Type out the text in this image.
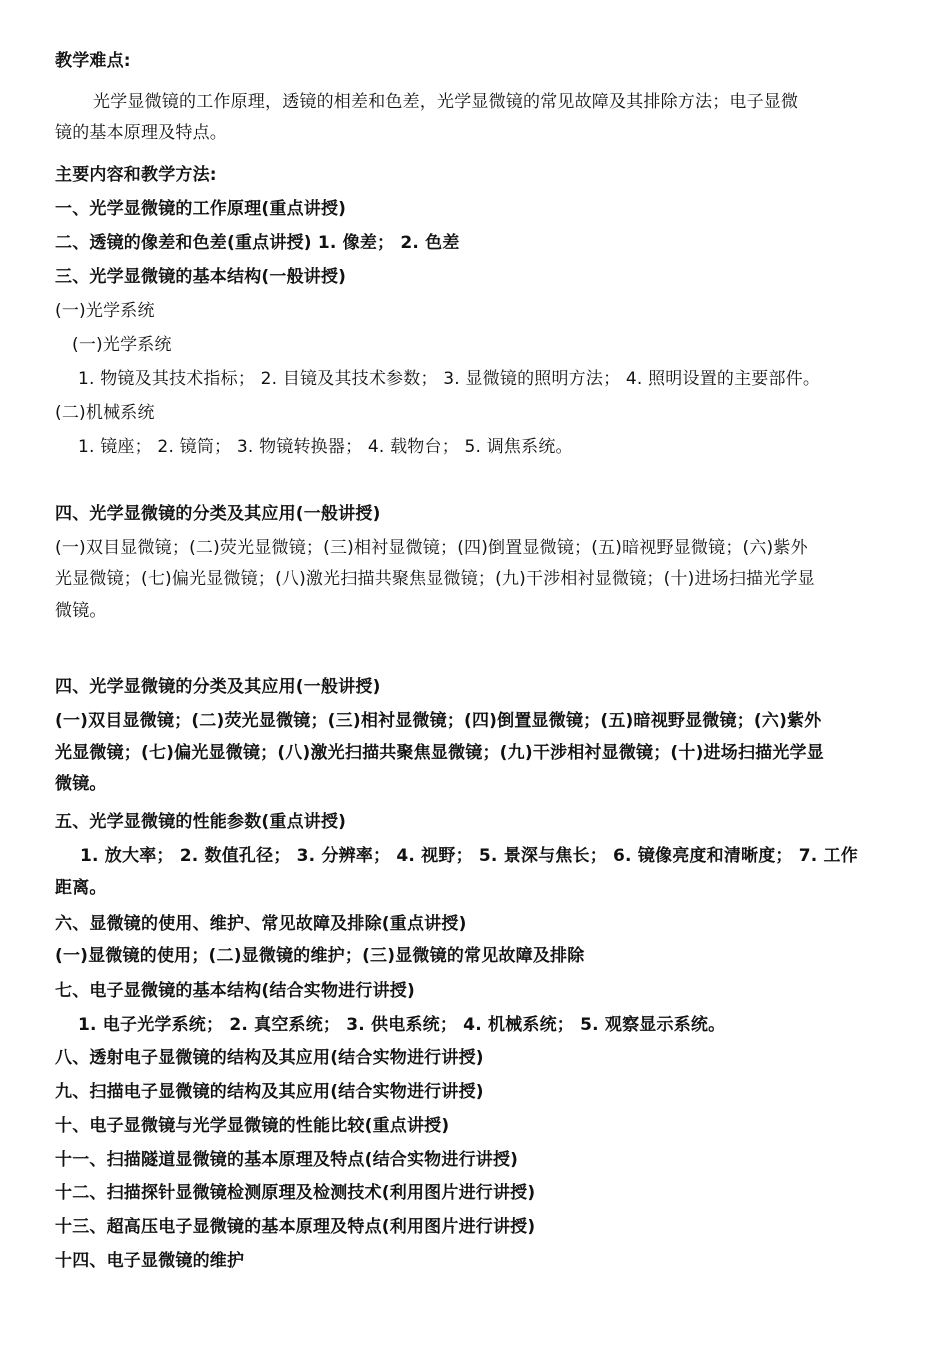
教学难点:
光学显微镜的工作原理，透镜的相差和色差，光学显微镜的常见故障及其排除方法；电子显微
镜的基本原理及特点。
主要内容和教学方法:
一、光学显微镜的工作原理(重点讲授)
二、透镜的像差和色差(重点讲授) 1. 像差； 2. 色差
三、光学显微镜的基本结构(一般讲授)
(一)光学系统
(一)光学系统
1. 物镜及其技术指标； 2. 目镜及其技术参数； 3. 显微镜的照明方法； 4. 照明设置的主要部件。
(二)机械系统
1. 镜座； 2. 镜筒； 3. 物镜转换器； 4. 载物台； 5. 调焦系统。
四、光学显微镜的分类及其应用(一般讲授)
(一)双目显微镜；(二)荧光显微镜；(三)相衬显微镜；(四)倒置显微镜；(五)暗视野显微镜；(六)紫外
光显微镜；(七)偏光显微镜；(八)激光扫描共聚焦显微镜；(九)干涉相衬显微镜；(十)进场扫描光学显
微镜。
四、光学显微镜的分类及其应用(一般讲授)
(一)双目显微镜；(二)荧光显微镜；(三)相衬显微镜；(四)倒置显微镜；(五)暗视野显微镜；(六)紫外
光显微镜；(七)偏光显微镜；(八)激光扫描共聚焦显微镜；(九)干涉相衬显微镜；(十)进场扫描光学显
微镜。
五、光学显微镜的性能参数(重点讲授)
1. 放大率； 2. 数值孔径； 3. 分辨率； 4. 视野； 5. 景深与焦长； 6. 镜像亮度和清晰度； 7. 工作
距离。
六、显微镜的使用、维护、常见故障及排除(重点讲授)
(一)显微镜的使用；(二)显微镜的维护；(三)显微镜的常见故障及排除
七、电子显微镜的基本结构(结合实物进行讲授)
1. 电子光学系统； 2. 真空系统； 3. 供电系统； 4. 机械系统； 5. 观察显示系统。
八、透射电子显微镜的结构及其应用(结合实物进行讲授)
九、扫描电子显微镜的结构及其应用(结合实物进行讲授)
十、电子显微镜与光学显微镜的性能比较(重点讲授)
十一、扫描隧道显微镜的基本原理及特点(结合实物进行讲授)
十二、扫描探针显微镜检测原理及检测技术(利用图片进行讲授)
十三、超高压电子显微镜的基本原理及特点(利用图片进行讲授)
十四、电子显微镜的维护
